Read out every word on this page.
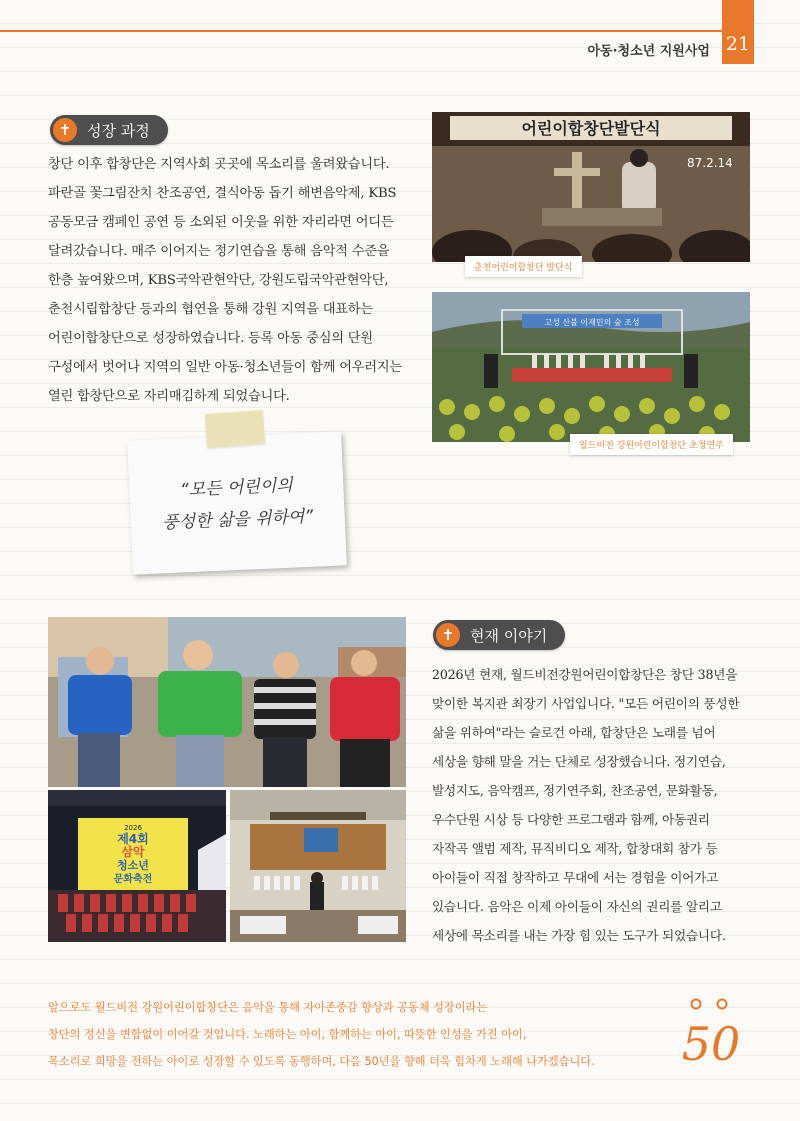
아동·청소년 지원사업 21
✝	성장 과정

창단 이후 합창단은 지역사회 곳곳에 목소리를 울려왔습니다.

파란골 꽃그림잔치 찬조공연, 결식아동 돕기 해변음악제, KBS

공동모금 캠페인 공연 등 소외된 이웃을 위한 자리라면 어디든

달려갔습니다. 매주 이어지는 정기연습을 통해 음악적 수준을

한층 높여왔으며, KBS국악관현악단, 강원도립국악관현악단,

춘천시립합창단 등과의 협연을 통해 강원 지역을 대표하는

어린이합창단으로 성장하였습니다. 등록 아동 중심의 단원

구성에서 벗어나 지역의 일반 아동·청소년들이 함께 어우러지는

열린 합창단으로 자리매김하게 되었습니다.

어린이합창단발단식
87.2.14
춘천어린이합창단 발단식
고성 산불 이재민의 숲 조성
월드비전 강원어린이합창단 초청연주
“모든 어린이의
풍성한 삶을 위하여”
2026
제4회
삼악
청소년
문화축전
✝	현재 이야기

2026년 현재, 월드비전강원어린이합창단은 창단 38년을

맞이한 복지관 최장기 사업입니다. "모든 어린이의 풍성한

삶을 위하여"라는 슬로건 아래, 합창단은 노래를 넘어

세상을 향해 말을 거는 단체로 성장했습니다. 정기연습,

발성지도, 음악캠프, 정기연주회, 찬조공연, 문화활동,

우수단원 시상 등 다양한 프로그램과 함께, 아동권리

자작곡 앨범 제작, 뮤직비디오 제작, 합창대회 참가 등

아이들이 직접 창작하고 무대에 서는 경험을 이어가고

있습니다. 음악은 이제 아이들이 자신의 권리를 알리고

세상에 목소리를 내는 가장 힘 있는 도구가 되었습니다.

앞으로도 월드비전 강원어린이합창단은 음악을 통해 자아존중감 향상과 공동체 성장이라는
창단의 정신을 변함없이 이어갈 것입니다. 노래하는 아이, 함께하는 아이, 따뜻한 인성을 가진 아이,
목소리로 희망을 전하는 아이로 성장할 수 있도록 동행하며, 다음 50년을 향해 더욱 힘차게 노래해 나가겠습니다.	50
